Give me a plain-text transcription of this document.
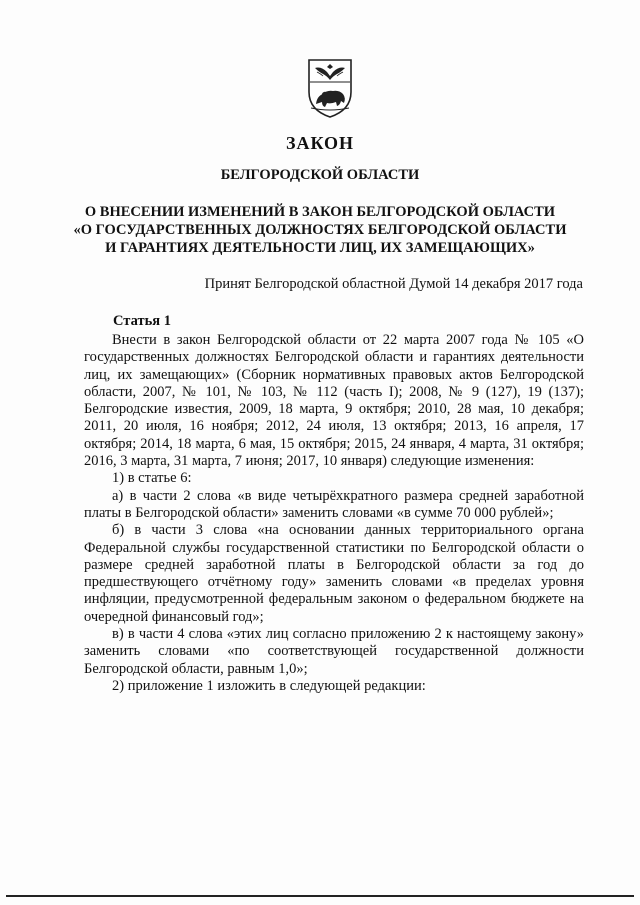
ЗАКОН
БЕЛГОРОДСКОЙ ОБЛАСТИ
О ВНЕСЕНИИ ИЗМЕНЕНИЙ В ЗАКОН БЕЛГОРОДСКОЙ ОБЛАСТИ
«О ГОСУДАРСТВЕННЫХ ДОЛЖНОСТЯХ БЕЛГОРОДСКОЙ ОБЛАСТИ
И ГАРАНТИЯХ ДЕЯТЕЛЬНОСТИ ЛИЦ, ИХ ЗАМЕЩАЮЩИХ»

Принят Белгородской областной Думой 14 декабря 2017 года

Статья 1

Внести в закон Белгородской области от 22 марта 2007 года № 105 «О государственных должностях Белгородской области и гарантиях деятельности лиц, их замещающих» (Сборник нормативных правовых актов Белгородской области, 2007, № 101, № 103, № 112 (часть I); 2008, № 9 (127), 19 (137); Белгородские известия, 2009, 18 марта, 9 октября; 2010, 28 мая, 10 декабря; 2011, 20 июля, 16 ноября; 2012, 24 июля, 13 октября; 2013, 16 апреля, 17 октября; 2014, 18 марта, 6 мая, 15 октября; 2015, 24 января, 4 марта, 31 октября; 2016, 3 марта, 31 марта, 7 июня; 2017, 10 января) следующие изменения:

1) в статье 6:

а) в части 2 слова «в виде четырёхкратного размера средней заработной платы в Белгородской области» заменить словами «в сумме 70 000 рублей»;

б) в части 3 слова «на основании данных территориального органа Федеральной службы государственной статистики по Белгородской области о размере средней заработной платы в Белгородской области за год до предшествующего отчётному году» заменить словами «в пределах уровня инфляции, предусмотренной федеральным законом о федеральном бюджете на очередной финансовый год»;

в) в части 4 слова «этих лиц согласно приложению 2 к настоящему закону» заменить словами «по соответствующей государственной должности Белгородской области, равным 1,0»;

2) приложение 1 изложить в следующей редакции:
